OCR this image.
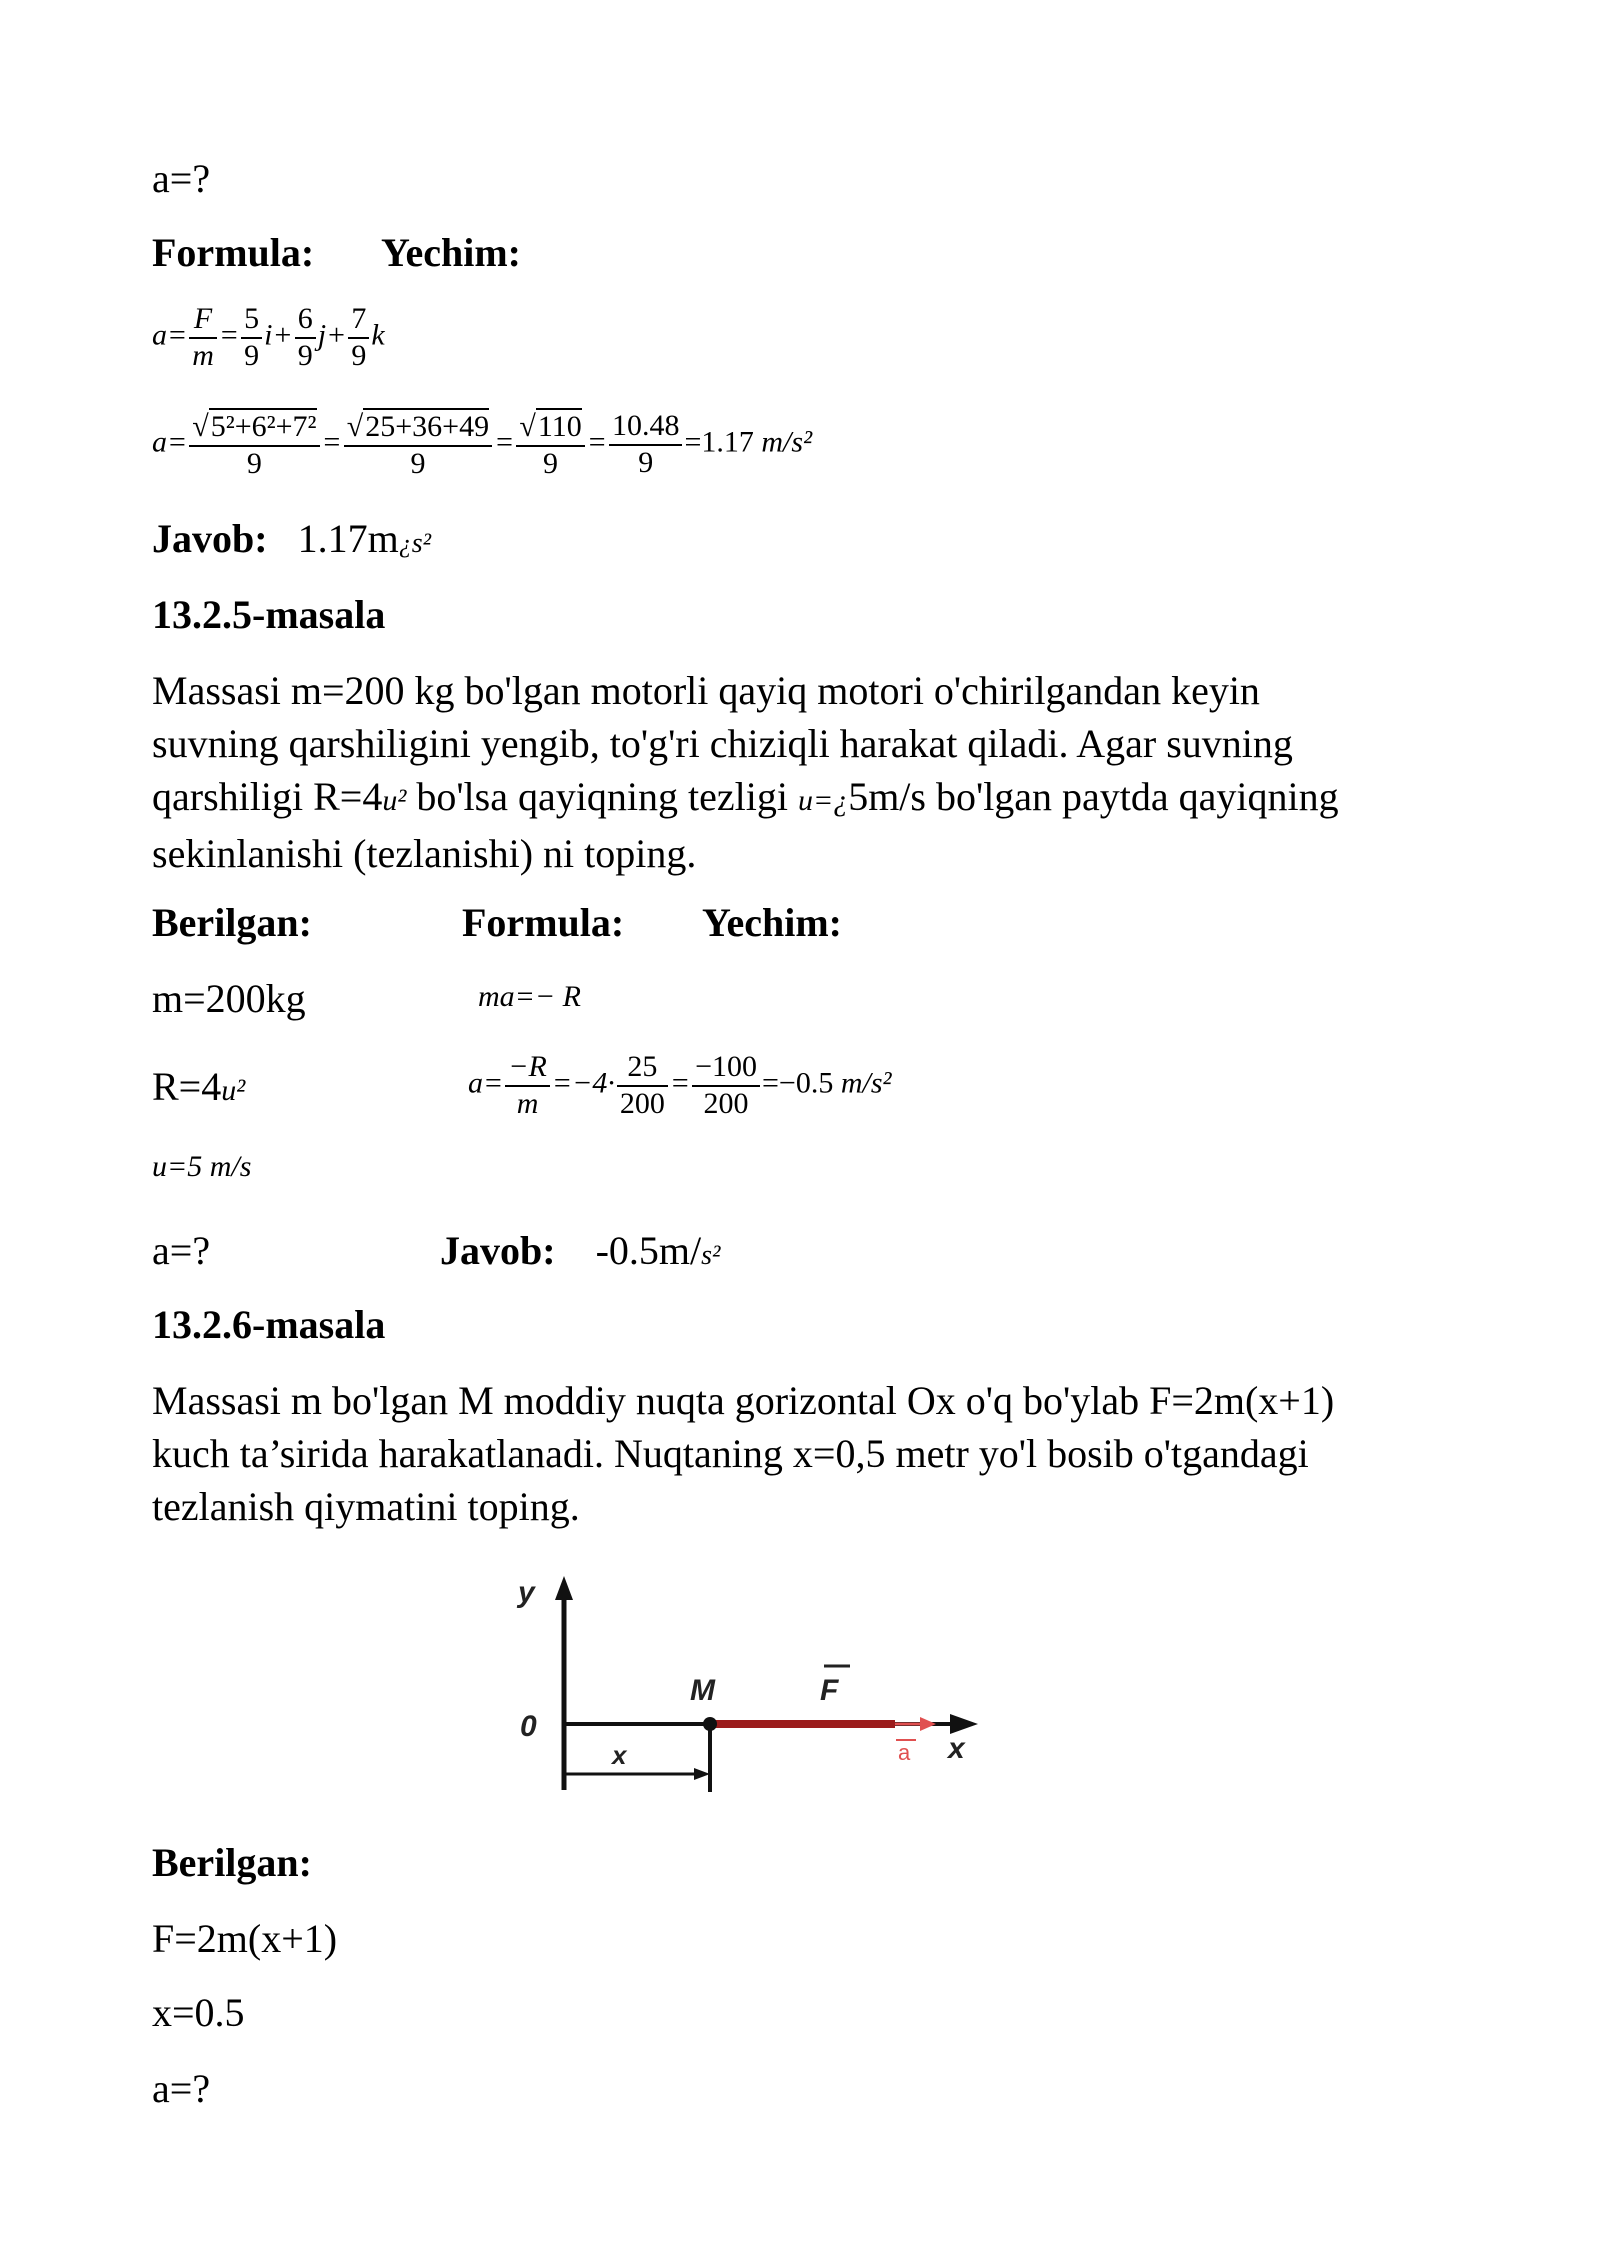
a=?
Formula: Yechim:
$a= \frac{F}{m} = \frac{5}{9} i+ \frac{6}{9} j+ \frac{7}{9}$ k
$a= \frac{\text{√5²+6²+7²}}{9} = \frac{√25+36+49}{9} = \frac{√110}{9} = \frac{10.48}{9} =1.17$ m/s²
Javob: 1.17m¿s²
13.2.5-masala
Massasi m=200 kg bo'lgan motorli qayiq motori o'chirilgandan keyin
suvning qarshiligini yengib, to'g'ri chiziqli harakat qiladi. Agar suvning
qarshiligi R=4u² bo'lsa qayiqning tezligi u=¿5m/s bo'lgan paytda qayiqning
sekinlanishi (tezlanishi) ni toping.
Berilgan:	Formula: Yechim:
m=200kg	ma=− R
R=4u²	$a= \frac{-R}{m} =-4\cdot \frac{25}{200} = \frac{-100}{200} =-0.5$ m/s²
u=5 m/s
a=?	Javob: -0.5m/s²
13.2.6-masala
Massasi m bo'lgan M moddiy nuqta gorizontal Ox o'q bo'ylab F=2m(x+1)
kuch ta’sirida harakatlanadi. Nuqtaning x=0,5 metr yo'l bosib o'tgandagi
tezlanish qiymatini toping.
y
0
x
M	F
a
x
Berilgan:
F=2m(x+1)
x=0.5
a=?
